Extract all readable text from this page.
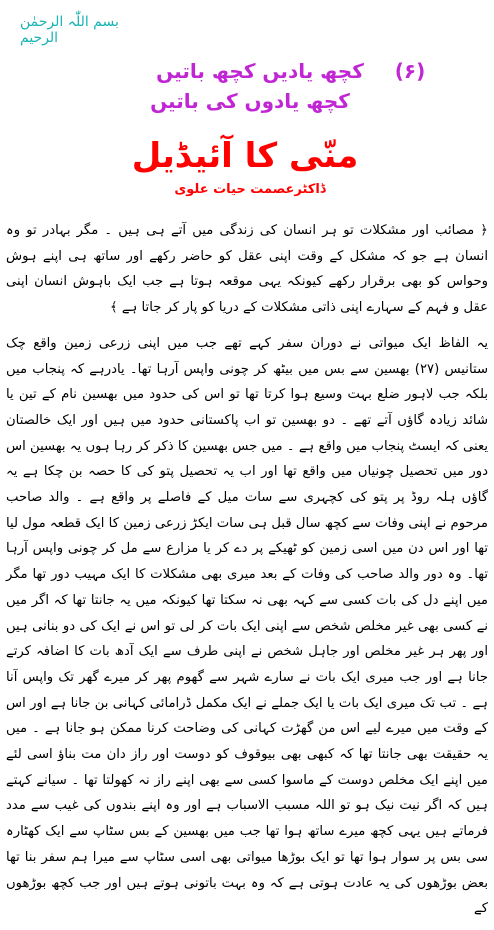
بسم اللّٰہ الرحمٰن الرحیم
(۶)
کچھ یادیں کچھ باتیں
کچھ یادوں کی باتیں
منّی کا آئیڈیل
ڈاکٹرعصمت حیات علوی

﴿ مصائب اور مشکلات تو ہر انسان کی زندگی میں آتے ہی ہیں ۔ مگر بہادر تو وہ انسان ہے جو کہ مشکل کے وقت اپنی عقل کو حاضر رکھے اور ساتھ ہی اپنے ہوش وحواس کو بھی برقرار رکھے کیونکہ یہی موقعہ ہوتا ہے جب ایک باہوش انسان اپنی عقل و فہم کے سہارے اپنی ذاتی مشکلات کے دریا کو پار کر جاتا ہے ﴾

یہ الفاظ ایک میواتی نے دوران سفر کہے تھے جب میں اپنی زرعی زمین واقع چک ستانیس (۲۷) بھسین سے بس میں بیٹھ کر چونی واپس آرہا تھا۔ یادرہے کہ پنجاب میں بلکہ جب لاہور ضلع بہت وسیع ہوا کرتا تھا تو اس کی حدود میں بھسین نام کے تین یا شائد زیادہ گاؤں آتے تھے ۔ دو بھسین تو اب پاکستانی حدود میں ہیں اور ایک خالصتان یعنی کہ ایسٹ پنجاب میں واقع ہے ۔ میں جس بھسین کا ذکر کر رہا ہوں یہ بھسین اس دور میں تحصیل چونیاں میں واقع تھا اور اب یہ تحصیل پتو کی کا حصہ بن چکا ہے یہ گاؤں ہلہ روڈ پر پتو کی کچہری سے سات میل کے فاصلے پر واقع ہے ۔ والد صاحب مرحوم نے اپنی وفات سے کچھ سال قبل ہی سات ایکڑ زرعی زمین کا ایک قطعہ مول لیا تھا اور اس دن میں اسی زمین کو ٹھیکے پر دے کر یا مزارع سے مل کر چونی واپس آرہا تھا۔ وہ دور والد صاحب کی وفات کے بعد میری بھی مشکلات کا ایک مہیب دور تھا مگر میں اپنے دل کی بات کسی سے کہہ بھی نہ سکتا تھا کیونکہ میں یہ جانتا تھا کہ اگر میں نے کسی بھی غیر مخلص شخص سے اپنی ایک بات کر لی تو اس نے ایک کی دو بنانی ہیں اور پھر ہر غیر مخلص اور جاہل شخص نے اپنی طرف سے ایک آدھ بات کا اضافہ کرتے جانا ہے اور جب میری ایک بات نے سارے شہر سے گھوم پھر کر میرے گھر تک واپس آنا ہے ۔ تب تک میری ایک بات یا ایک جملے نے ایک مکمل ڈرامائی کہانی بن جانا ہے اور اس کے وقت میں میرے لیے اس من گھڑت کہانی کی وضاحت کرنا ممکن ہو جانا ہے ۔ میں یہ حقیقت بھی جانتا تھا کہ کبھی بھی بیوقوف کو دوست اور راز دان مت بناؤ اسی لئے میں اپنے ایک مخلص دوست کے ماسوا کسی سے بھی اپنے راز نہ کھولتا تھا ۔ سیانے کہتے ہیں کہ اگر نیت نیک ہو تو اللہ مسبب الاسباب ہے اور وہ اپنے بندوں کی غیب سے مدد فرماتے ہیں یہی کچھ میرے ساتھ ہوا تھا جب میں بھسین کے بس سٹاپ سے ایک کھٹارہ سی بس پر سوار ہوا تھا تو ایک بوڑھا میواتی بھی اسی سٹاپ سے میرا ہم سفر بنا تھا بعض بوڑھوں کی یہ عادت ہوتی ہے کہ وہ بہت باتونی ہوتے ہیں اور جب کچھ بوڑھوں کے
